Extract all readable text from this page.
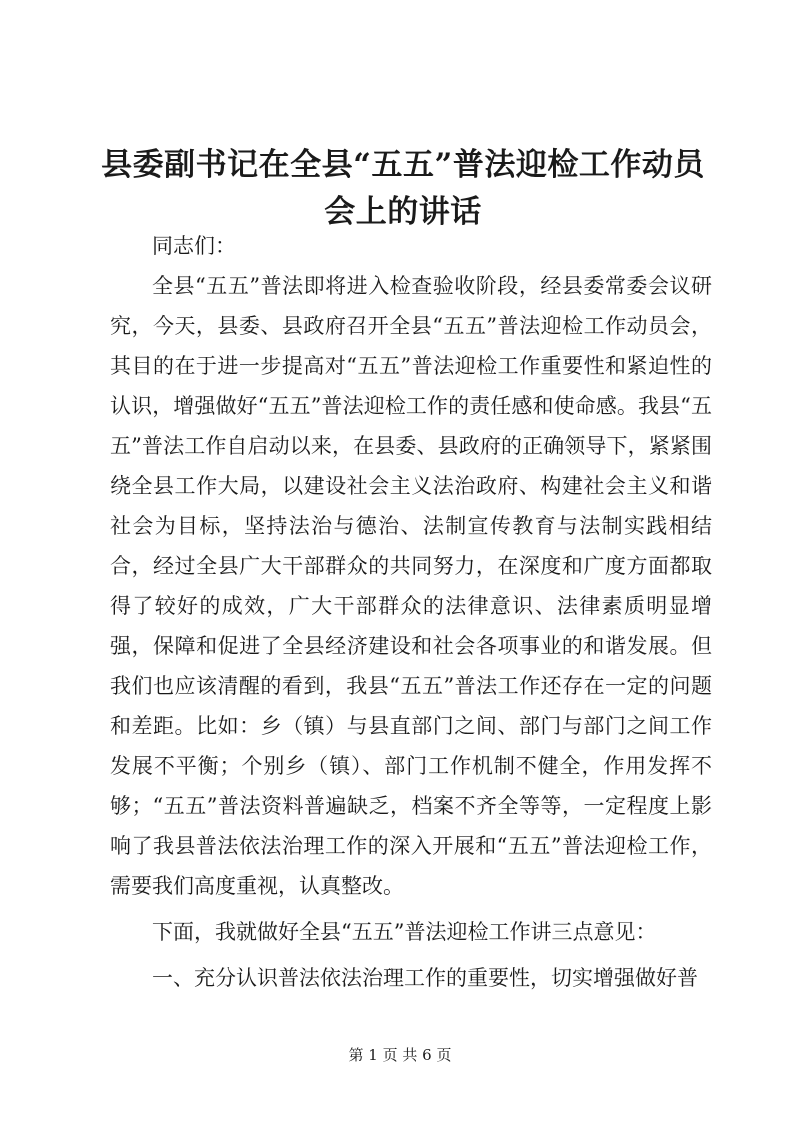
县委副书记在全县“五五”普法迎检工作动员会上的讲话

同志们：

全县“五五”普法即将进入检查验收阶段，经县委常委会议研究，今天，县委、县政府召开全县“五五”普法迎检工作动员会，其目的在于进一步提高对“五五”普法迎检工作重要性和紧迫性的认识，增强做好“五五”普法迎检工作的责任感和使命感。我县“五五”普法工作自启动以来，在县委、县政府的正确领导下，紧紧围绕全县工作大局，以建设社会主义法治政府、构建社会主义和谐社会为目标，坚持法治与德治、法制宣传教育与法制实践相结合，经过全县广大干部群众的共同努力，在深度和广度方面都取得了较好的成效，广大干部群众的法律意识、法律素质明显增强，保障和促进了全县经济建设和社会各项事业的和谐发展。但我们也应该清醒的看到，我县“五五”普法工作还存在一定的问题和差距。比如：乡（镇）与县直部门之间、部门与部门之间工作发展不平衡；个别乡（镇）、部门工作机制不健全，作用发挥不够；“五五”普法资料普遍缺乏，档案不齐全等等，一定程度上影响了我县普法依法治理工作的深入开展和“五五”普法迎检工作，需要我们高度重视，认真整改。

下面，我就做好全县“五五”普法迎检工作讲三点意见：

一、充分认识普法依法治理工作的重要性，切实增强做好普

第 1 页 共 6 页
